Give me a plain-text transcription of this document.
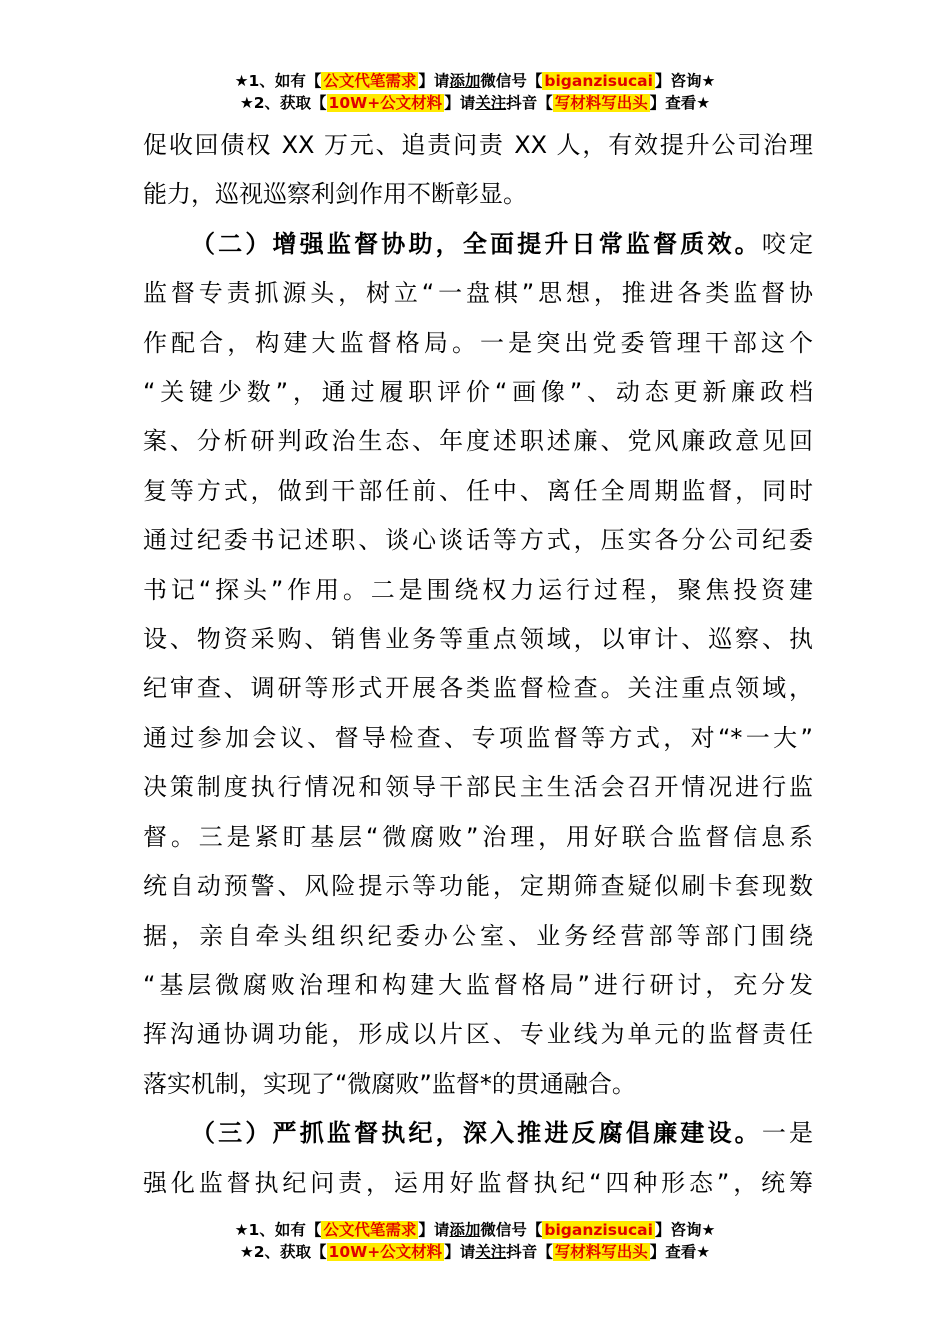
★1、如有【 公文代笔需求 】请添加微信号【 biganzisucai 】咨询★
★2、获取【 10W+公文材料 】请关注抖音【 写材料写出头 】查看★
促收回债权 XX 万元、追责问责 XX 人，有效提升公司治理
能力，巡视巡察利剑作用不断彰显。
（二）增强监督协助，全面提升日常监督质效。咬定
监督专责抓源头，树立“一盘棋”思想，推进各类监督协
作配合，构建大监督格局。一是突出党委管理干部这个
“关键少数”，通过履职评价“画像”、动态更新廉政档
案、分析研判政治生态、年度述职述廉、党风廉政意见回
复等方式，做到干部任前、任中、离任全周期监督，同时
通过纪委书记述职、谈心谈话等方式，压实各分公司纪委
书记“探头”作用。二是围绕权力运行过程，聚焦投资建
设、物资采购、销售业务等重点领域，以审计、巡察、执
纪审查、调研等形式开展各类监督检查。关注重点领域，
通过参加会议、督导检查、专项监督等方式，对“*一大”
决策制度执行情况和领导干部民主生活会召开情况进行监
督。三是紧盯基层“微腐败”治理，用好联合监督信息系
统自动预警、风险提示等功能，定期筛查疑似刷卡套现数
据，亲自牵头组织纪委办公室、业务经营部等部门围绕
“基层微腐败治理和构建大监督格局”进行研讨，充分发
挥沟通协调功能，形成以片区、专业线为单元的监督责任
落实机制，实现了“微腐败”监督*的贯通融合。
（三）严抓监督执纪，深入推进反腐倡廉建设。一是
强化监督执纪问责，运用好监督执纪“四种形态”，统筹
★1、如有【 公文代笔需求 】请添加微信号【 biganzisucai 】咨询★
★2、获取【 10W+公文材料 】请关注抖音【 写材料写出头 】查看★
